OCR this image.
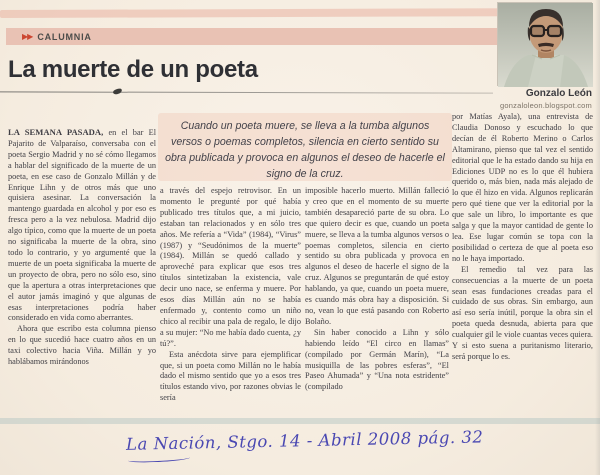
▶▶ CALUMNIA
La muerte de un poeta
Gonzalo León
gonzaloleon.blogspot.com
Cuando un poeta muere, se lleva a la tumba algunos versos o poemas completos, silencia en cierto sentido su obra publicada y provoca en algunos el deseo de hacerle el signo de la cruz.

LA SEMANA PASADA, en el bar El Pajarito de Valparaíso, conversaba con el poeta Sergio Madrid y no sé cómo llegamos a hablar del significado de la muerte de un poeta, en ese caso de Gonzalo Millán y de Enrique Lihn y de otros más que uno quisiera asesinar. La conversación la mantengo guardada en alcohol y por eso es fresca pero a la vez nebulosa. Madrid dijo algo típico, como que la muerte de un poeta no significaba la muerte de la obra, sino todo lo contrario, y yo argumenté que la muerte de un poeta significaba la muerte de un proyecto de obra, pero no sólo eso, sino que la apertura a otras interpretaciones que el autor jamás imaginó y que algunas de esas interpretaciones podría haber considerado en vida como aberrantes.

Ahora que escribo esta columna pienso en lo que sucedió hace cuatro años en un taxi colectivo hacia Viña. Millán y yo hablábamos mirándonos

a través del espejo retrovisor. En un momento le pregunté por qué había publicado tres títulos que, a mi juicio, estaban tan relacionados y en sólo tres años. Me refería a “Vida” (1984), “Virus” (1987) y “Seudónimos de la muerte” (1984). Millán se quedó callado y aproveché para explicar que esos tres títulos sintetizaban la existencia, vale decir uno nace, se enferma y muere. Por esos días Millán aún no se había enfermado y, contento como un niño chico al recibir una pala de regalo, le dijo a su mujer: “No me había dado cuenta, ¿y tú?”.

Esta anécdota sirve para ejemplificar que, si un poeta como Millán no le había dado el mismo sentido que yo a esos tres títulos estando vivo, por razones obvias le sería

imposible hacerlo muerto. Millán falleció y creo que en el momento de su muerte también desapareció parte de su obra. Lo que quiero decir es que, cuando un poeta muere, se lleva a la tumba algunos versos o poemas completos, silencia en cierto sentido su obra publicada y provoca en algunos el deseo de hacerle el signo de la cruz. Algunos se preguntarán de qué estoy hablando, ya que, cuando un poeta muere, es cuando más obra hay a disposición. Si no, vean lo que está pasando con Roberto Bolaño.

Sin haber conocido a Lihn y sólo habiendo leído “El circo en llamas” (compilado por Germán Marín), “La musiquilla de las pobres esferas”, “El Paseo Ahumada” y “Una nota estridente” (compilado

por Matías Ayala), una entrevista de Claudia Donoso y escuchado lo que decían de él Roberto Merino o Carlos Altamirano, pienso que tal vez el sentido editorial que le ha estado dando su hija en Ediciones UDP no es lo que él hubiera querido o, más bien, nada más alejado de lo que él hizo en vida. Algunos replicarán pero qué tiene que ver la editorial por la que sale un libro, lo importante es que salga y que la mayor cantidad de gente lo lea. Ese lugar común se topa con la posibilidad o certeza de que al poeta eso no le haya importado.

El remedio tal vez para las consecuencias a la muerte de un poeta sean esas fundaciones creadas para el cuidado de sus obras. Sin embargo, aun así eso sería inútil, porque la obra sin el poeta queda desnuda, abierta para que cualquier gil le viole cuantas veces quiera. Y si esto suena a puritanismo literario, será porque lo es.

La Nación, Stgo. 14 - Abril 2008 pág. 32
